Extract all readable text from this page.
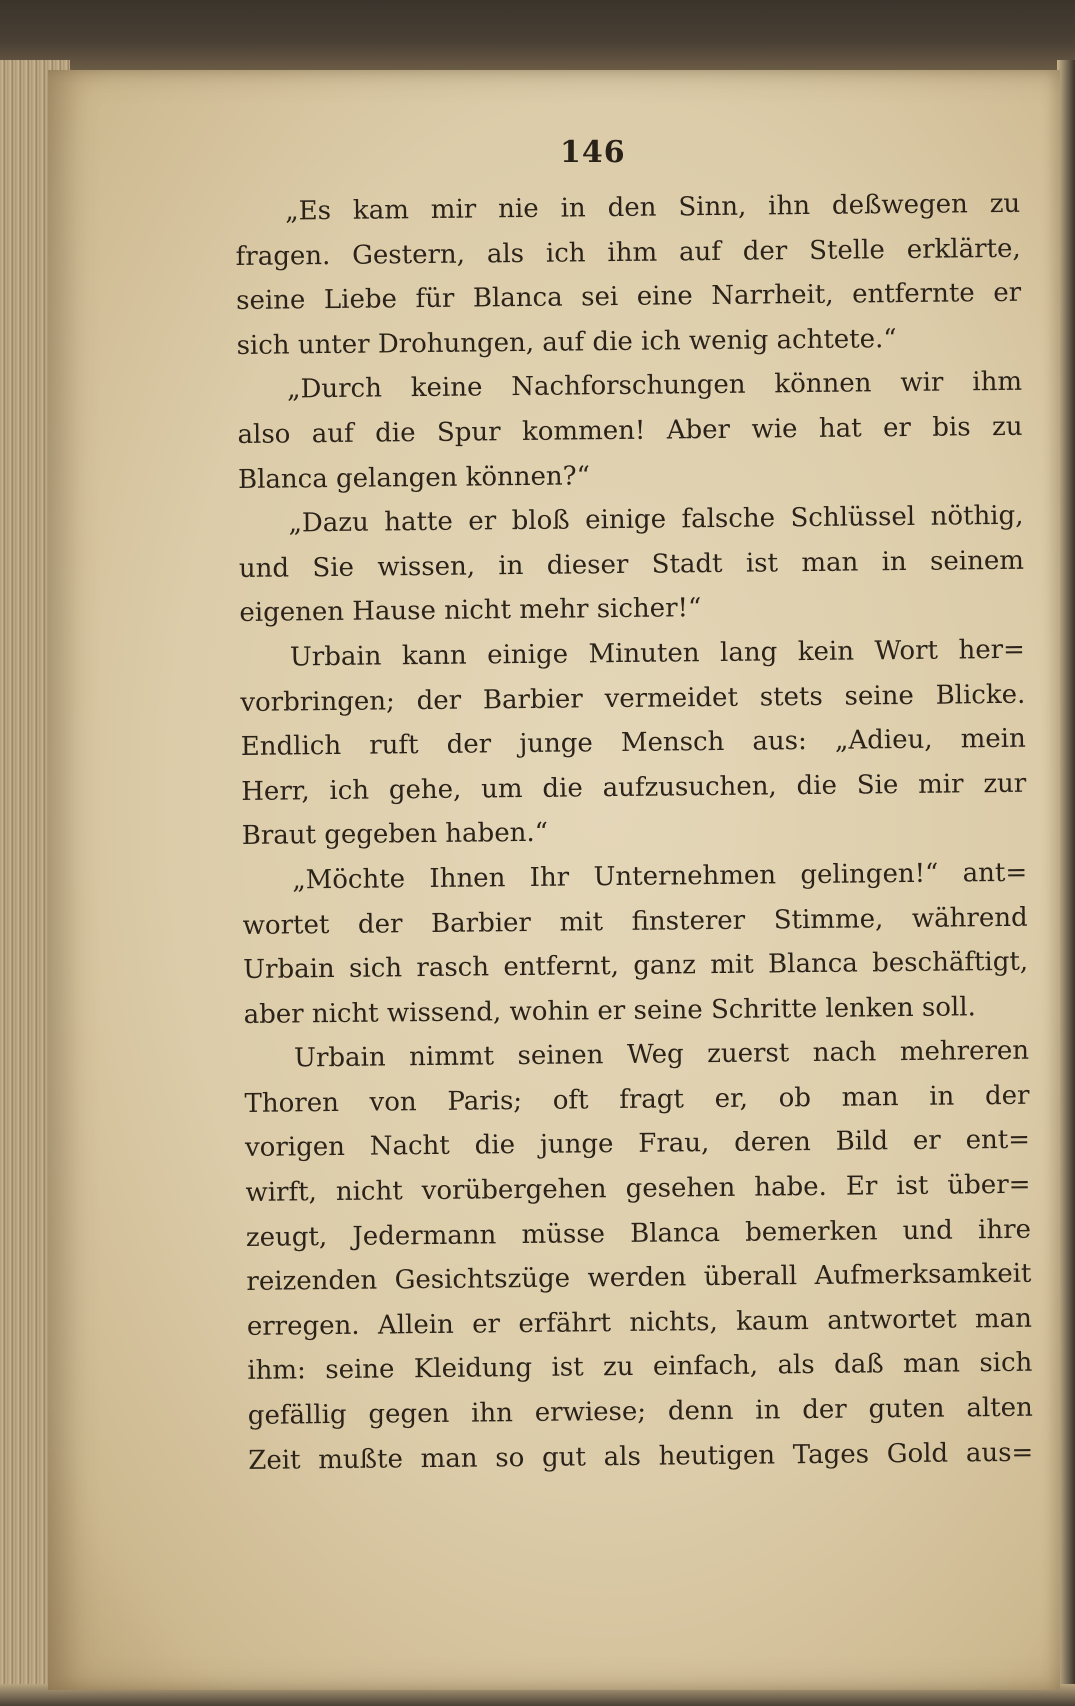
146
„Es kam mir nie in den Sinn, ihn deßwegen zu
fragen. Gestern, als ich ihm auf der Stelle erklärte,
seine Liebe für Blanca sei eine Narrheit, entfernte er
sich unter Drohungen, auf die ich wenig achtete.“
„Durch keine Nachforschungen können wir ihm
also auf die Spur kommen! Aber wie hat er bis zu
Blanca gelangen können?“
„Dazu hatte er bloß einige falsche Schlüssel nöthig,
und Sie wissen, in dieser Stadt ist man in seinem
eigenen Hause nicht mehr sicher!“
Urbain kann einige Minuten lang kein Wort her=
vorbringen; der Barbier vermeidet stets seine Blicke.
Endlich ruft der junge Mensch aus: „Adieu, mein
Herr, ich gehe, um die aufzusuchen, die Sie mir zur
Braut gegeben haben.“
„Möchte Ihnen Ihr Unternehmen gelingen!“ ant=
wortet der Barbier mit finsterer Stimme, während
Urbain sich rasch entfernt, ganz mit Blanca beschäftigt,
aber nicht wissend, wohin er seine Schritte lenken soll.
Urbain nimmt seinen Weg zuerst nach mehreren
Thoren von Paris; oft fragt er, ob man in der
vorigen Nacht die junge Frau, deren Bild er ent=
wirft, nicht vorübergehen gesehen habe. Er ist über=
zeugt, Jedermann müsse Blanca bemerken und ihre
reizenden Gesichtszüge werden überall Aufmerksamkeit
erregen. Allein er erfährt nichts, kaum antwortet man
ihm: seine Kleidung ist zu einfach, als daß man sich
gefällig gegen ihn erwiese; denn in der guten alten
Zeit mußte man so gut als heutigen Tages Gold aus=
